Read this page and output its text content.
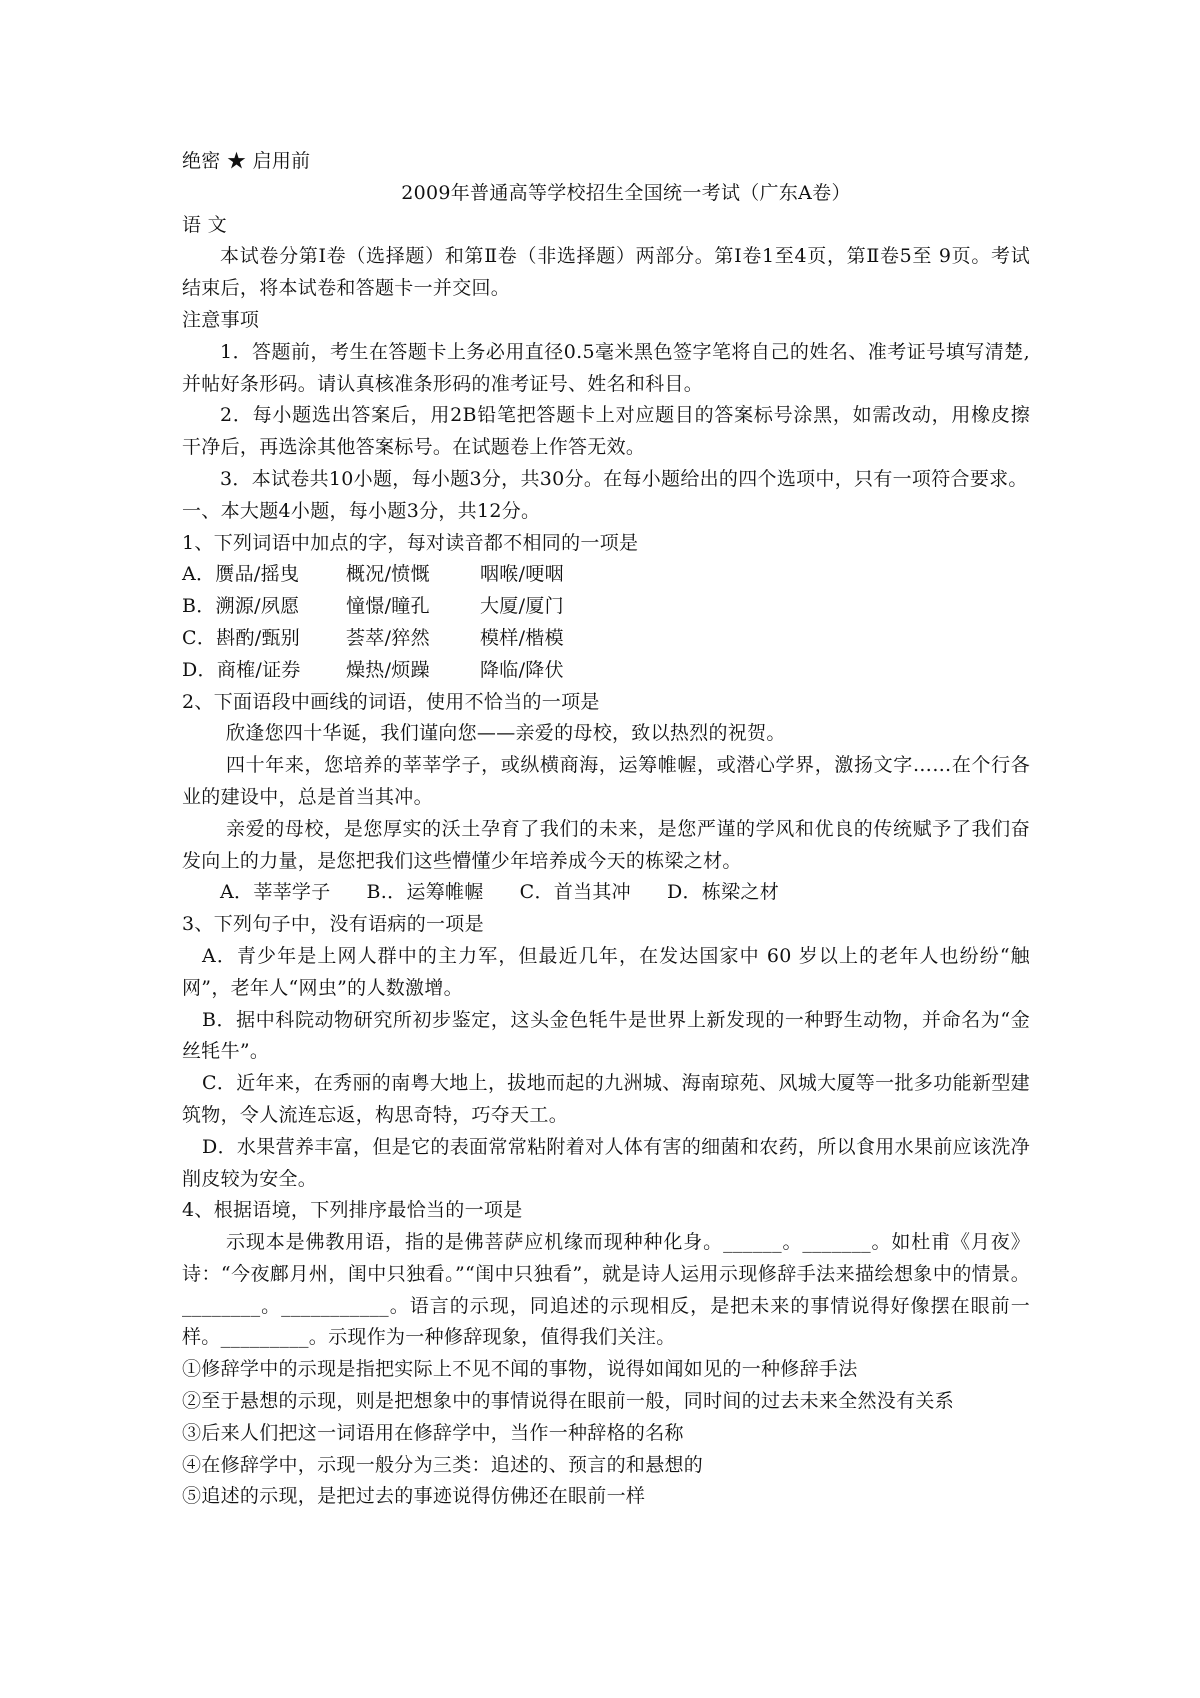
绝密 ★ 启用前
2009年普通高等学校招生全国统一考试（广东A卷）
语 文
本试卷分第Ⅰ卷（选择题）和第Ⅱ卷（非选择题）两部分。第Ⅰ卷1至4页，第Ⅱ卷5至 9页。考试结束后，将本试卷和答题卡一并交回。
注意事项
1．答题前，考生在答题卡上务必用直径0.5毫米黑色签字笔将自己的姓名、准考证号填写清楚,并帖好条形码。请认真核准条形码的准考证号、姓名和科目。
2．每小题选出答案后，用2B铅笔把答题卡上对应题目的答案标号涂黑，如需改动，用橡皮擦干净后，再选涂其他答案标号。在试题卷上作答无效。
3．本试卷共10小题，每小题3分，共30分。在每小题给出的四个选项中，只有一项符合要求。
一、本大题4小题，每小题3分，共12分。
1、下列词语中加点的字，每对读音都不相同的一项是
A．赝品/摇曳 概况/愤慨	咽喉/哽咽
B．溯源/夙愿 憧憬/瞳孔	大厦/厦门
C．斟酌/甄别 荟萃/猝然	模样/楷模
D．商榷/证券 燥热/烦躁	降临/降伏
2、下面语段中画线的词语，使用不恰当的一项是
欣逢您四十华诞，我们谨向您——亲爱的母校，致以热烈的祝贺。
四十年来，您培养的莘莘学子，或纵横商海，运筹帷幄，或潜心学界，激扬文字……在个行各业的建设中，总是首当其冲。
亲爱的母校，是您厚实的沃土孕育了我们的未来，是您严谨的学风和优良的传统赋予了我们奋发向上的力量，是您把我们这些懵懂少年培养成今天的栋梁之材。
A．莘莘学子 B.．运筹帷幄 C．首当其冲 D．栋梁之材
3、下列句子中，没有语病的一项是
A．青少年是上网人群中的主力军，但最近几年，在发达国家中 60 岁以上的老年人也纷纷“触网”，老年人“网虫”的人数激增。
B．据中科院动物研究所初步鉴定，这头金色牦牛是世界上新发现的一种野生动物，并命名为“金丝牦牛”。
C．近年来，在秀丽的南粤大地上，拔地而起的九洲城、海南琼苑、风城大厦等一批多功能新型建筑物，令人流连忘返，构思奇特，巧夺天工。
D．水果营养丰富，但是它的表面常常粘附着对人体有害的细菌和农药，所以食用水果前应该洗净削皮较为安全。
4、根据语境，下列排序最恰当的一项是
示现本是佛教用语，指的是佛菩萨应机缘而现种种化身。______。_______。如杜甫《月夜》诗：“今夜鄜月州，闺中只独看。”“闺中只独看”，就是诗人运用示现修辞手法来描绘想象中的情景。________。___________。语言的示现，同追述的示现相反，是把未来的事情说得好像摆在眼前一样。_________。示现作为一种修辞现象，值得我们关注。
①修辞学中的示现是指把实际上不见不闻的事物，说得如闻如见的一种修辞手法
②至于悬想的示现，则是把想象中的事情说得在眼前一般，同时间的过去未来全然没有关系
③后来人们把这一词语用在修辞学中，当作一种辞格的名称
④在修辞学中，示现一般分为三类：追述的、预言的和悬想的
⑤追述的示现，是把过去的事迹说得仿佛还在眼前一样
